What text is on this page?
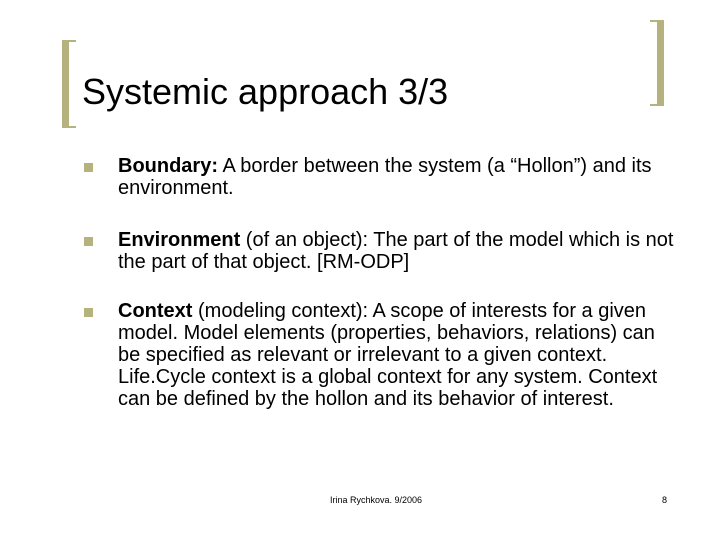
Systemic approach 3/3
Boundary: A border between the system (a “Hollon”) and its environment.
Environment (of an object): The part of the model which is not the part of that object. [RM-ODP]
Context (modeling context): A scope of interests for a given model. Model elements (properties, behaviors, relations) can be specified as relevant or irrelevant to a given context. Life.Cycle context is a global context for any system. Context can be defined by the hollon and its behavior of interest.
Irina Rychkova. 9/2006	8
